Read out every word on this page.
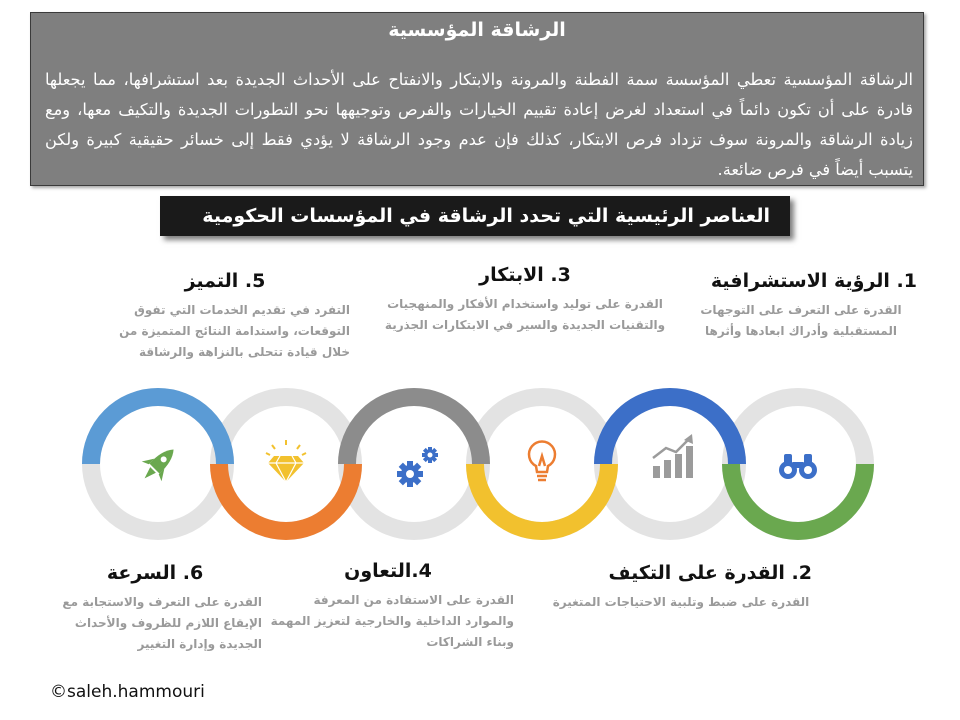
الرشاقة المؤسسية
الرشاقة المؤسسية تعطي المؤسسة سمة الفطنة والمرونة والابتكار والانفتاح على الأحداث الجديدة بعد استشرافها، مما يجعلها قادرة على أن تكون دائماً في استعداد لغرض إعادة تقييم الخيارات والفرص وتوجيهها نحو التطورات الجديدة والتكيف معها، ومع زيادة الرشاقة والمرونة سوف تزداد فرص الابتكار، كذلك فإن عدم وجود الرشاقة لا يؤدي فقط إلى خسائر حقيقية كبيرة ولكن يتسبب أيضاً في فرص ضائعة.
العناصر الرئيسية التي تحدد الرشاقة في المؤسسات الحكومية
1. الرؤية الاستشرافية
القدرة على التعرف على التوجهات المستقبلية وأدراك ابعادها وأثرها
2. القدرة على التكيف
القدرة على ضبط وتلبية الاحتياجات المتغيرة
3. الابتكار
القدرة على توليد واستخدام الأفكار والمنهجيات والتقنيات الجديدة والسير في الابتكارات الجذرية
4.التعاون
القدرة على الاستفادة من المعرفة والموارد الداخلية والخارجية لتعزيز المهمة وبناء الشراكات
5. التميز
التفرد في تقديم الخدمات التي تفوق التوقعات، واستدامة النتائج المتميزة من خلال قيادة تتحلى بالنزاهة والرشاقة
6. السرعة
القدرة على التعرف والاستجابة مع الإيقاع اللازم للظروف والأحداث الجديدة وإدارة التغيير
©saleh.hammouri
